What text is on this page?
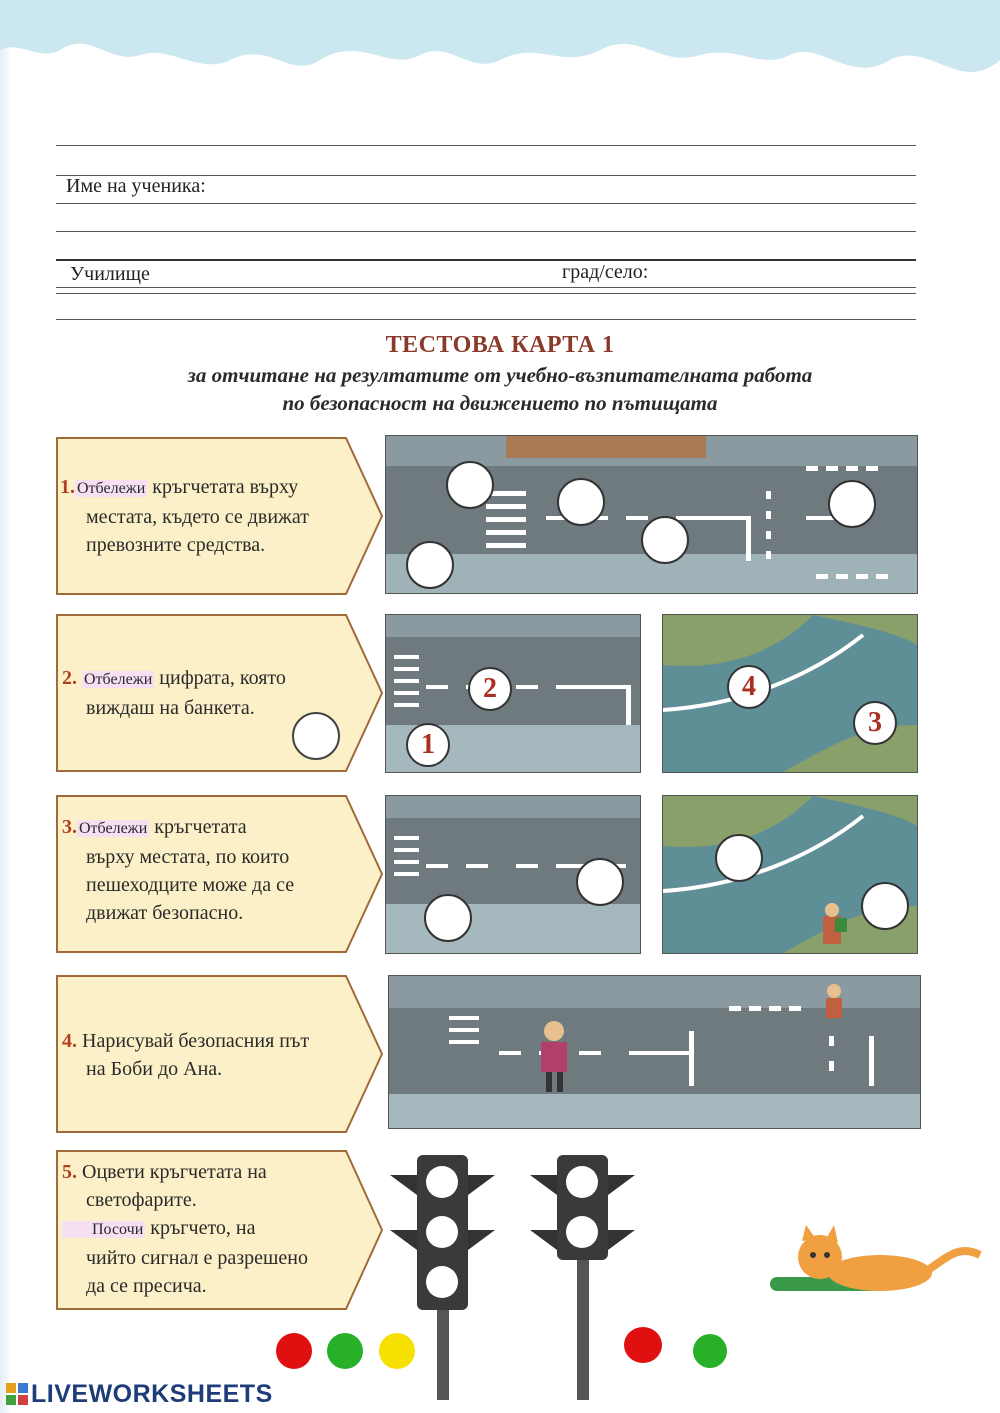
Име на ученика:
Училище	град/село:
ТЕСТОВА КАРТА 1
за отчитане на резултатите от учебно-възпитателната работа
по безопасност на движението по пътищата
1. Отбележи кръгчетата върху
местата, където се движат
превозните средства.
2. Отбележи цифрата, която
виждаш на банкета.
3. Отбележи кръгчетата
върху местата, по които
пешеходците може да се
движат безопасно.
4. Нарисувай безопасния път
на Боби до Ана.
5. Оцвети кръгчетата на
светофарите.
Посочи кръгчето, на
чийто сигнал е разрешено
да се пресича.
2
1
4
3
LIVEWORKSHEETS
